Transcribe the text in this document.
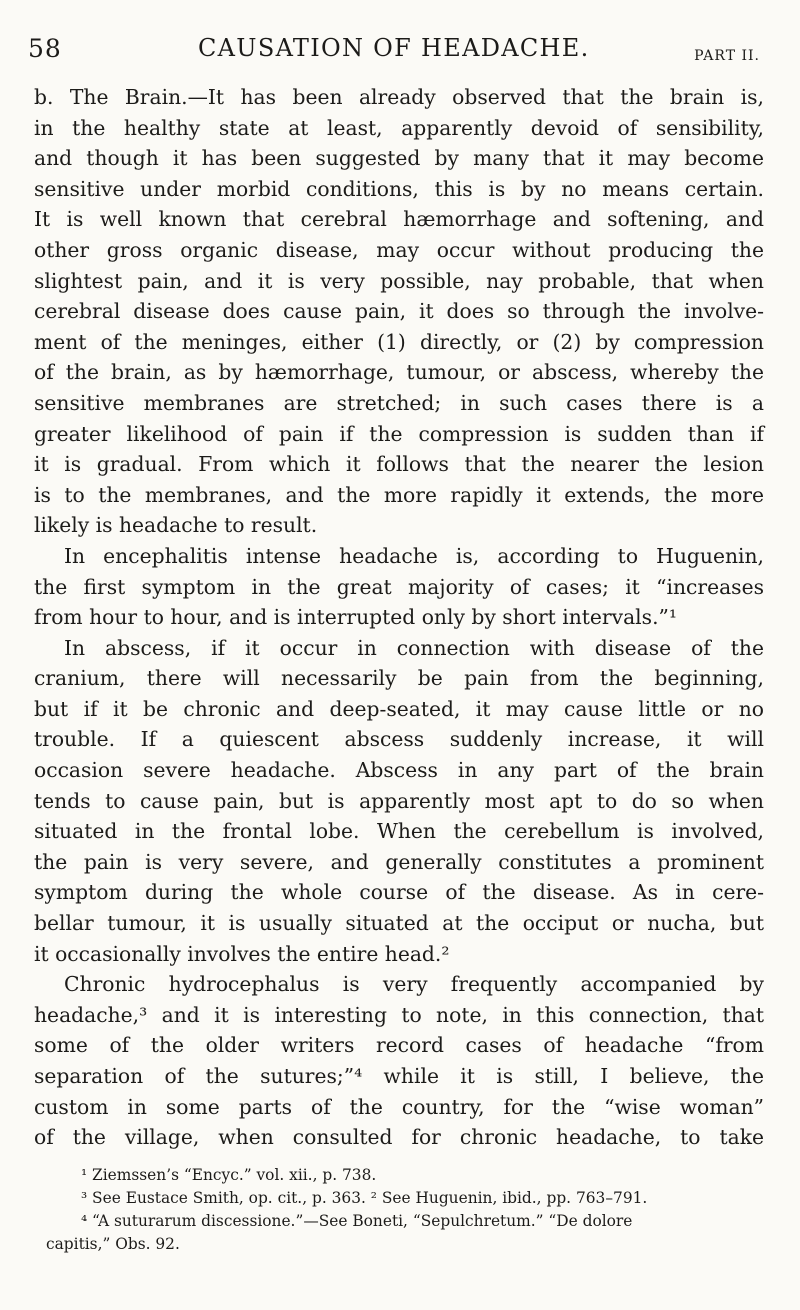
58	CAUSATION OF HEADACHE.	PART II.
b. The Brain.—It has been already observed that the brain is,
in the healthy state at least, apparently devoid of sensibility,
and though it has been suggested by many that it may become
sensitive under morbid conditions, this is by no means certain.
It is well known that cerebral hæmorrhage and softening, and
other gross organic disease, may occur without producing the
slightest pain, and it is very possible, nay probable, that when
cerebral disease does cause pain, it does so through the involve-
ment of the meninges, either (1) directly, or (2) by compression
of the brain, as by hæmorrhage, tumour, or abscess, whereby the
sensitive membranes are stretched; in such cases there is a
greater likelihood of pain if the compression is sudden than if
it is gradual. From which it follows that the nearer the lesion
is to the membranes, and the more rapidly it extends, the more
likely is headache to result.
In encephalitis intense headache is, according to Huguenin,
the first symptom in the great majority of cases; it “increases
from hour to hour, and is interrupted only by short intervals.”¹
In abscess, if it occur in connection with disease of the
cranium, there will necessarily be pain from the beginning,
but if it be chronic and deep-seated, it may cause little or no
trouble. If a quiescent abscess suddenly increase, it will
occasion severe headache. Abscess in any part of the brain
tends to cause pain, but is apparently most apt to do so when
situated in the frontal lobe. When the cerebellum is involved,
the pain is very severe, and generally constitutes a prominent
symptom during the whole course of the disease. As in cere-
bellar tumour, it is usually situated at the occiput or nucha, but
it occasionally involves the entire head.²
Chronic hydrocephalus is very frequently accompanied by
headache,³ and it is interesting to note, in this connection, that
some of the older writers record cases of headache “from
separation of the sutures;”⁴ while it is still, I believe, the
custom in some parts of the country, for the “wise woman”
of the village, when consulted for chronic headache, to take
¹ Ziemssen’s “Encyc.” vol. xii., p. 738.
³ See Eustace Smith, op. cit., p. 363. ² See Huguenin, ibid., pp. 763–791.
⁴ “A suturarum discessione.”—See Boneti, “Sepulchretum.” “De dolore
capitis,” Obs. 92.
